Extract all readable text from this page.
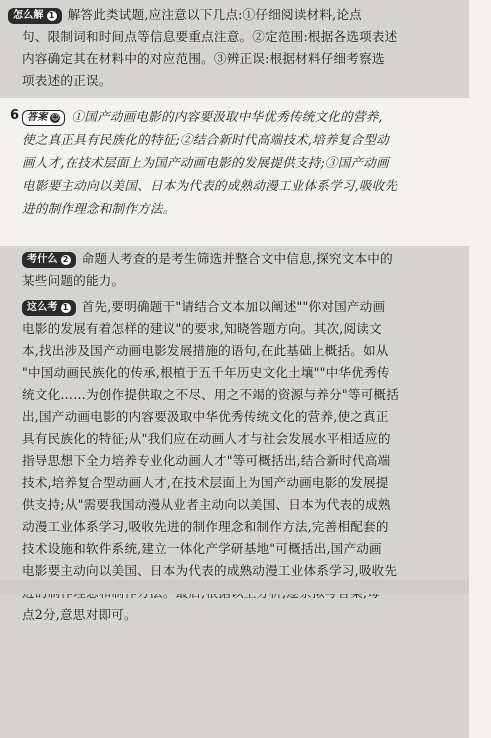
怎么解 1 解答此类试题,应注意以下几点:①仔细阅读材料,论点
句、限制词和时间点等信息要重点注意。②定范围:根据各选项表述
内容确定其在材料中的对应范围。③辨正误:根据材料仔细考察选
项表述的正误。
6 答案 ☺ ①国产动画电影的内容要汲取中华优秀传统文化的营养,
使之真正具有民族化的特征;②结合新时代高端技术,培养复合型动
画人才,在技术层面上为国产动画电影的发展提供支持;③国产动画
电影要主动向以美国、日本为代表的成熟动漫工业体系学习,吸收先
进的制作理念和制作方法。
考什么 2 命题人考查的是考生筛选并整合文中信息,探究文本中的
某些问题的能力。
这么考 1 首先,要明确题干"请结合文本加以阐述""你对国产动画
电影的发展有着怎样的建议"的要求,知晓答题方向。其次,阅读文
本,找出涉及国产动画电影发展措施的语句,在此基础上概括。如从
"中国动画民族化的传承,根植于五千年历史文化土壤""中华优秀传
统文化……为创作提供取之不尽、用之不竭的资源与养分"等可概括
出,国产动画电影的内容要汲取中华优秀传统文化的营养,使之真正
具有民族化的特征;从"我们应在动画人才与社会发展水平相适应的
指导思想下全力培养专业化动画人才"等可概括出,结合新时代高端
技术,培养复合型动画人才,在技术层面上为国产动画电影的发展提
供支持;从"需要我国动漫从业者主动向以美国、日本为代表的成熟
动漫工业体系学习,吸收先进的制作理念和制作方法,完善相配套的
技术设施和软件系统,建立一体化产学研基地"可概括出,国产动画
电影要主动向以美国、日本为代表的成熟动漫工业体系学习,吸收先
点2分,意思对即可。
